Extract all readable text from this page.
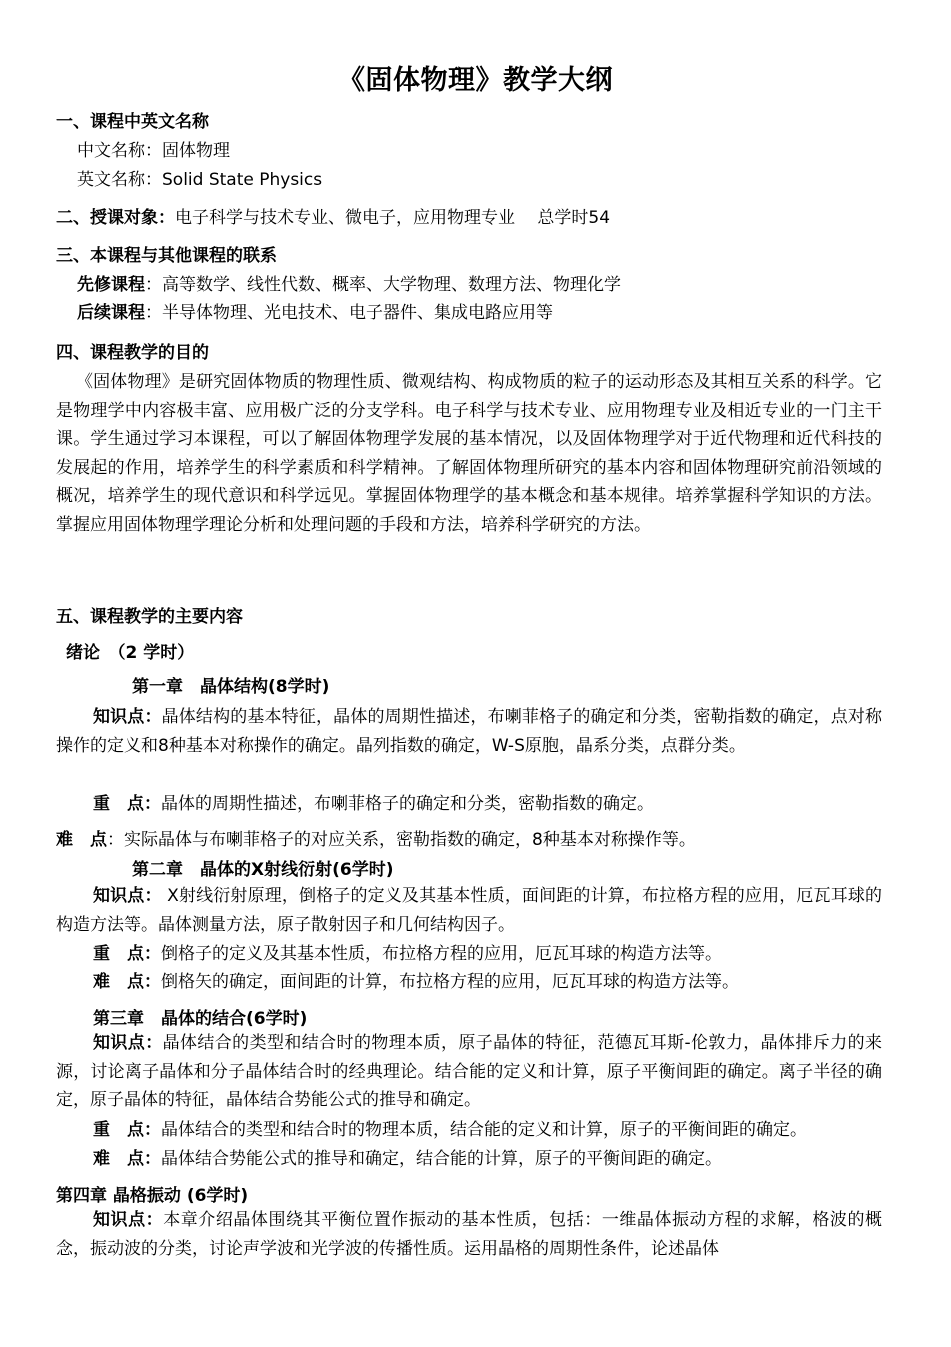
《固体物理》教学大纲
一、课程中英文名称
中文名称：固体物理
英文名称：Solid State Physics
二、授课对象：电子科学与技术专业、微电子，应用物理专业　 总学时54
三、本课程与其他课程的联系
先修课程：高等数学、线性代数、概率、大学物理、数理方法、物理化学
后续课程：半导体物理、光电技术、电子器件、集成电路应用等
四、课程教学的目的
《固体物理》是研究固体物质的物理性质、微观结构、构成物质的粒子的运动形态及其相互关系的科学。它是物理学中内容极丰富、应用极广泛的分支学科。电子科学与技术专业、应用物理专业及相近专业的一门主干课。学生通过学习本课程，可以了解固体物理学发展的基本情况，以及固体物理学对于近代物理和近代科技的发展起的作用，培养学生的科学素质和科学精神。了解固体物理所研究的基本内容和固体物理研究前沿领域的概况，培养学生的现代意识和科学远见。掌握固体物理学的基本概念和基本规律。培养掌握科学知识的方法。掌握应用固体物理学理论分析和处理问题的手段和方法，培养科学研究的方法。
五、课程教学的主要内容
绪论　（2 学时）
第一章　晶体结构(8学时)
知识点：晶体结构的基本特征，晶体的周期性描述，布喇菲格子的确定和分类，密勒指数的确定，点对称操作的定义和8种基本对称操作的确定。晶列指数的确定，W-S原胞，晶系分类，点群分类。
重　点：晶体的周期性描述，布喇菲格子的确定和分类，密勒指数的确定。
难　点：实际晶体与布喇菲格子的对应关系，密勒指数的确定，8种基本对称操作等。
第二章　晶体的X射线衍射(6学时)
知识点： X射线衍射原理，倒格子的定义及其基本性质，面间距的计算，布拉格方程的应用，厄瓦耳球的构造方法等。晶体测量方法，原子散射因子和几何结构因子。
重　点：倒格子的定义及其基本性质，布拉格方程的应用，厄瓦耳球的构造方法等。
难　点：倒格矢的确定，面间距的计算，布拉格方程的应用，厄瓦耳球的构造方法等。
第三章　晶体的结合(6学时)
知识点：晶体结合的类型和结合时的物理本质，原子晶体的特征，范德瓦耳斯-伦敦力，晶体排斥力的来源，讨论离子晶体和分子晶体结合时的经典理论。结合能的定义和计算，原子平衡间距的确定。离子半径的确定，原子晶体的特征，晶体结合势能公式的推导和确定。
重　点：晶体结合的类型和结合时的物理本质，结合能的定义和计算，原子的平衡间距的确定。
难　点：晶体结合势能公式的推导和确定，结合能的计算，原子的平衡间距的确定。
第四章 晶格振动 (6学时)
知识点：本章介绍晶体围绕其平衡位置作振动的基本性质，包括：一维晶体振动方程的求解，格波的概念，振动波的分类，讨论声学波和光学波的传播性质。运用晶格的周期性条件，论述晶体
